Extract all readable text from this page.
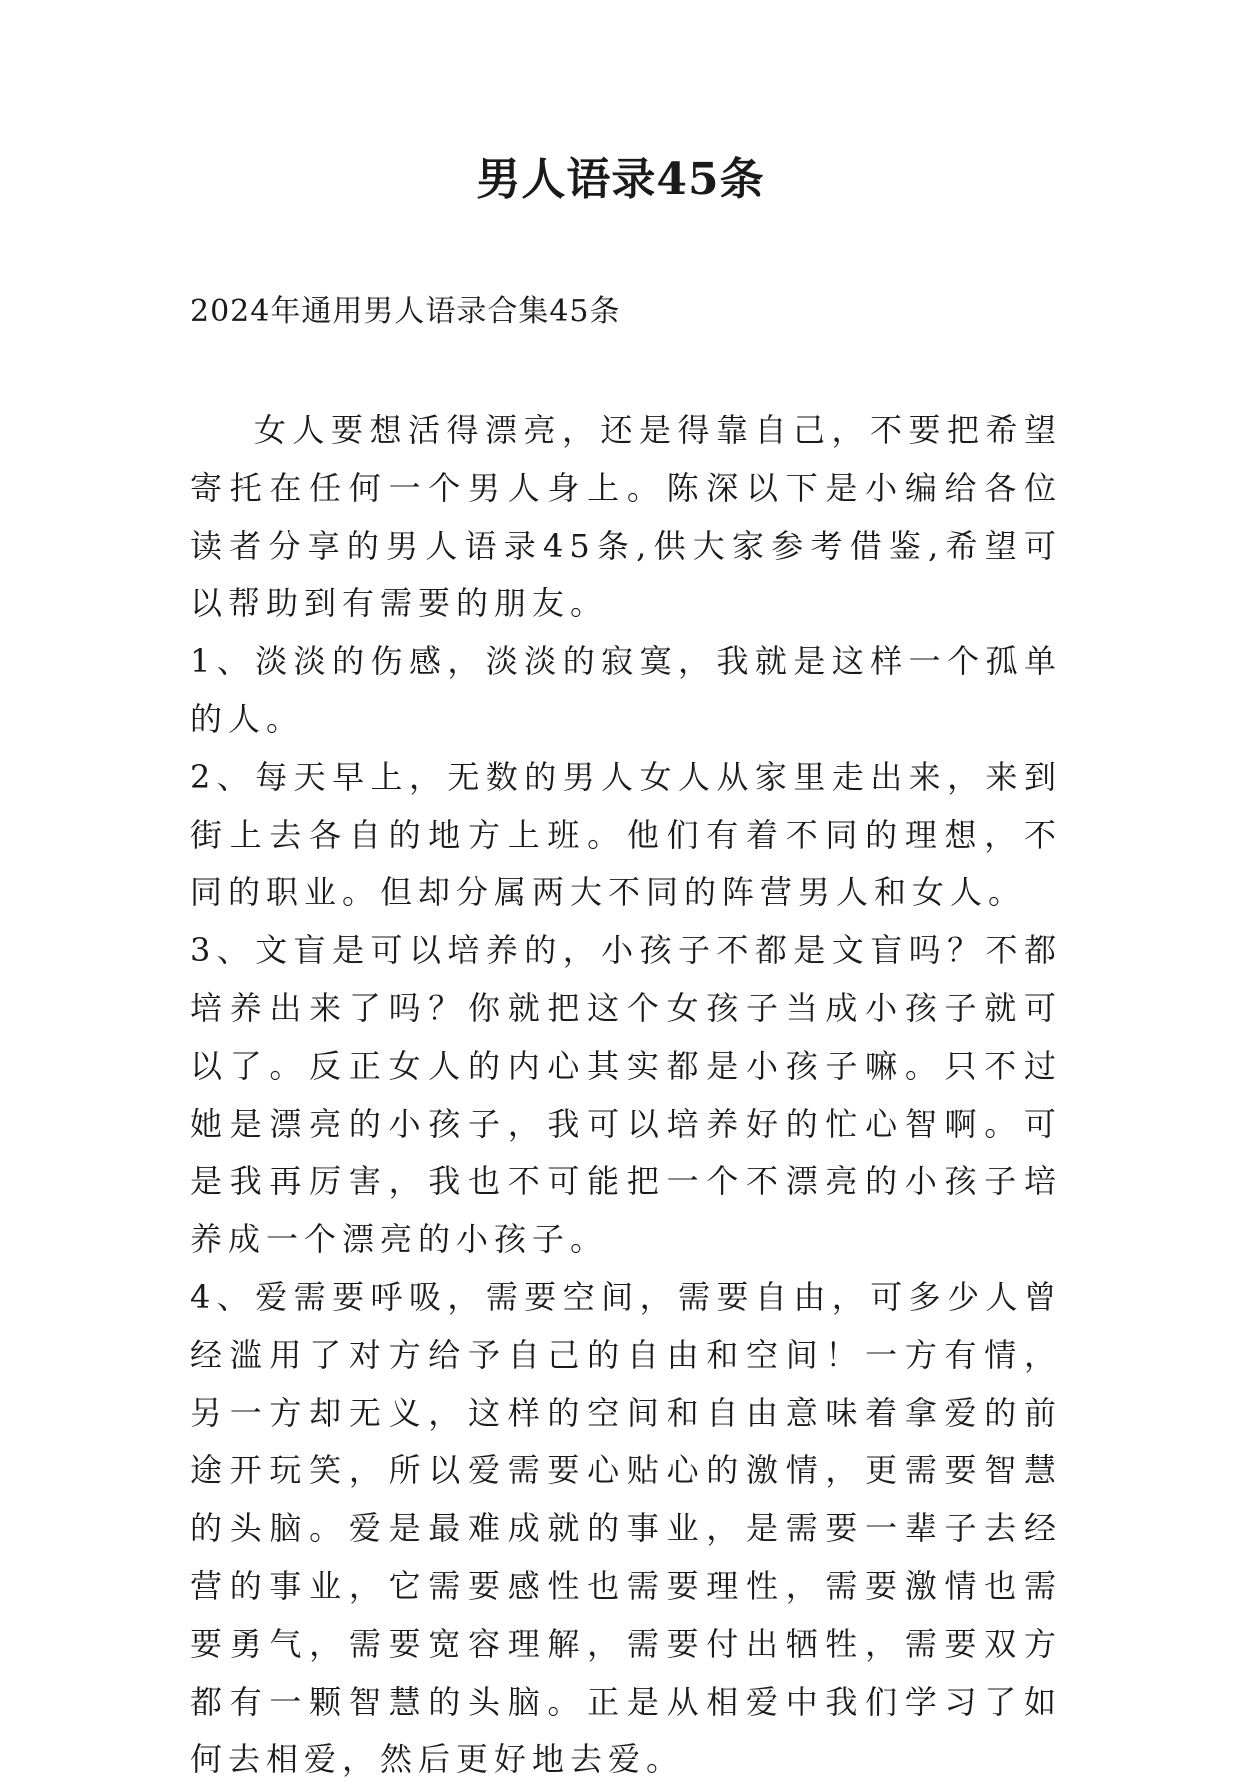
男人语录45条

2024年通用男人语录合集45条

女人要想活得漂亮，还是得靠自己，不要把希望寄托在任何一个男人身上。陈深以下是小编给各位读者分享的男人语录45条,供大家参考借鉴,希望可以帮助到有需要的朋友。

1、淡淡的伤感，淡淡的寂寞，我就是这样一个孤单的人。

2、每天早上，无数的男人女人从家里走出来，来到街上去各自的地方上班。他们有着不同的理想，不同的职业。但却分属两大不同的阵营男人和女人。

3、文盲是可以培养的，小孩子不都是文盲吗？不都培养出来了吗？你就把这个女孩子当成小孩子就可以了。反正女人的内心其实都是小孩子嘛。只不过她是漂亮的小孩子，我可以培养好的忙心智啊。可是我再厉害，我也不可能把一个不漂亮的小孩子培养成一个漂亮的小孩子。

4、爱需要呼吸，需要空间，需要自由，可多少人曾经滥用了对方给予自己的自由和空间！一方有情，另一方却无义，这样的空间和自由意味着拿爱的前途开玩笑，所以爱需要心贴心的激情，更需要智慧的头脑。爱是最难成就的事业，是需要一辈子去经营的事业，它需要感性也需要理性，需要激情也需要勇气，需要宽容理解，需要付出牺牲，需要双方都有一颗智慧的头脑。正是从相爱中我们学习了如何去相爱，然后更好地去爱。
